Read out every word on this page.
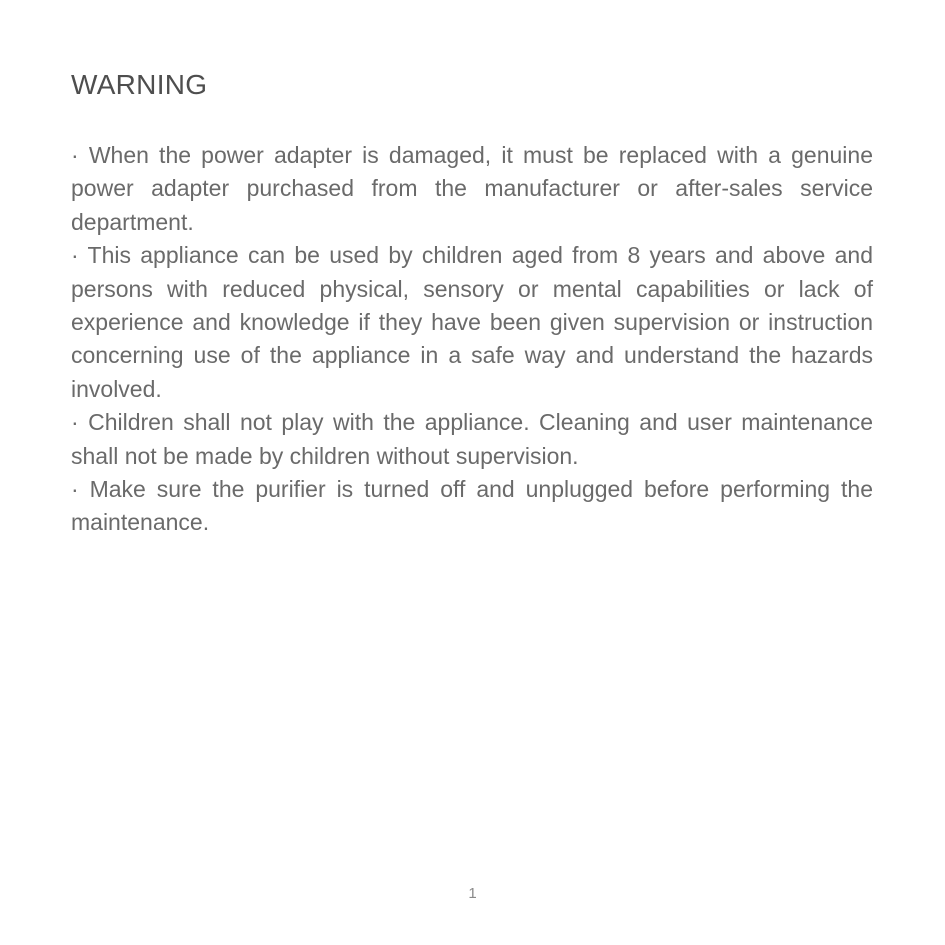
WARNING

· When the power adapter is damaged, it must be replaced with a genuine power adapter purchased from the manufacturer or after-sales service department.

· This appliance can be used by children aged from 8 years and above and persons with reduced physical, sensory or mental capabilities or lack of experience and knowledge if they have been given supervision or instruction concerning use of the appliance in a safe way and understand the hazards involved.

· Children shall not play with the appliance. Cleaning and user maintenance shall not be made by children without supervision.

· Make sure the purifier is turned off and unplugged before performing the maintenance.

1
